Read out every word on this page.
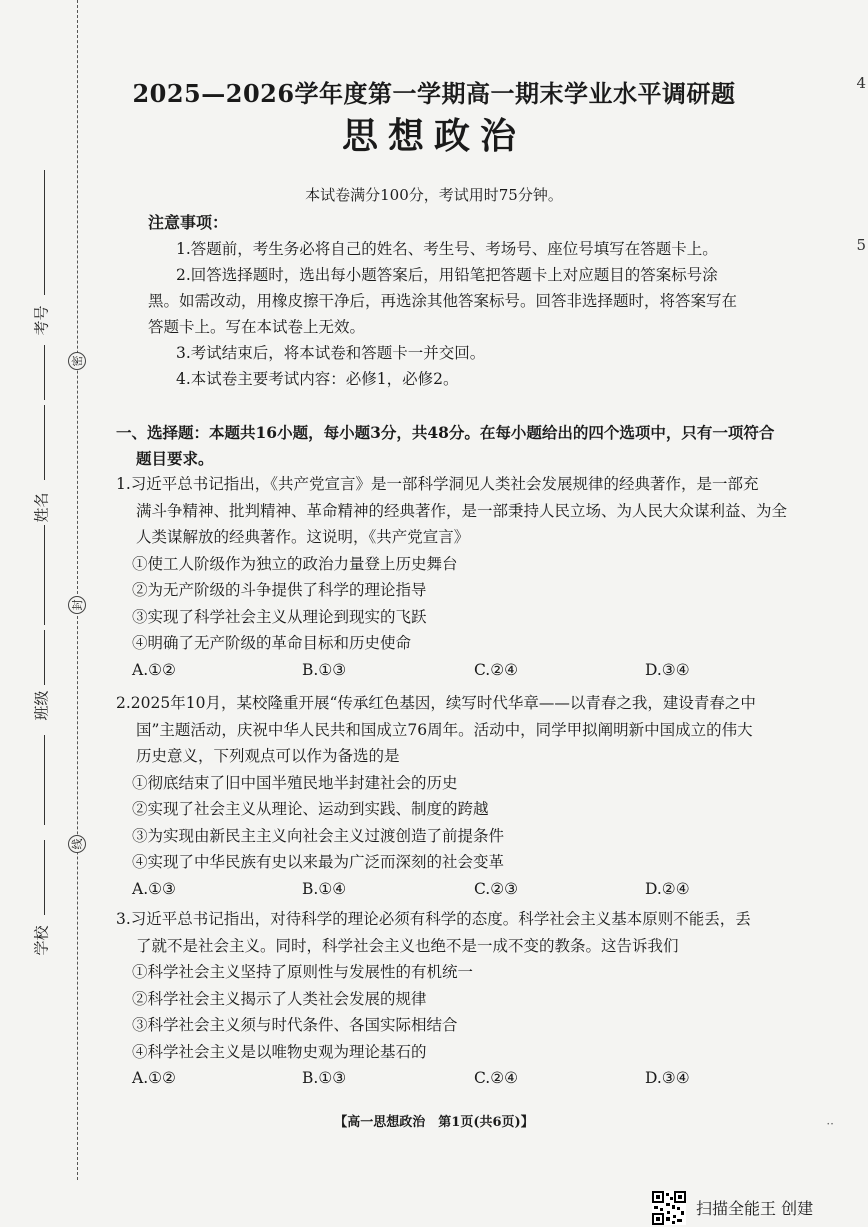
考号
姓名
班级
学校
密
封
线
4
5
2025—2026学年度第一学期高一期末学业水平调研题
思想政治
本试卷满分100分，考试用时75分钟。
注意事项：
1.答题前，考生务必将自己的姓名、考生号、考场号、座位号填写在答题卡上。
2.回答选择题时，选出每小题答案后，用铅笔把答题卡上对应题目的答案标号涂
黑。如需改动，用橡皮擦干净后，再选涂其他答案标号。回答非选择题时，将答案写在
答题卡上。写在本试卷上无效。
3.考试结束后，将本试卷和答题卡一并交回。
4.本试卷主要考试内容：必修1，必修2。
一、选择题：本题共16小题，每小题3分，共48分。在每小题给出的四个选项中，只有一项符合
题目要求。
1.习近平总书记指出，《共产党宣言》是一部科学洞见人类社会发展规律的经典著作，是一部充
满斗争精神、批判精神、革命精神的经典著作，是一部秉持人民立场、为人民大众谋利益、为全
人类谋解放的经典著作。这说明，《共产党宣言》
①使工人阶级作为独立的政治力量登上历史舞台
②为无产阶级的斗争提供了科学的理论指导
③实现了科学社会主义从理论到现实的飞跃
④明确了无产阶级的革命目标和历史使命
A.①②	B.①③	C.②④	D.③④
2.2025年10月，某校隆重开展“传承红色基因，续写时代华章——以青春之我，建设青春之中
国”主题活动，庆祝中华人民共和国成立76周年。活动中，同学甲拟阐明新中国成立的伟大
历史意义，下列观点可以作为备选的是
①彻底结束了旧中国半殖民地半封建社会的历史
②实现了社会主义从理论、运动到实践、制度的跨越
③为实现由新民主主义向社会主义过渡创造了前提条件
④实现了中华民族有史以来最为广泛而深刻的社会变革
A.①③	B.①④	C.②③	D.②④
3.习近平总书记指出，对待科学的理论必须有科学的态度。科学社会主义基本原则不能丢，丢
了就不是社会主义。同时，科学社会主义也绝不是一成不变的教条。这告诉我们
①科学社会主义坚持了原则性与发展性的有机统一
②科学社会主义揭示了人类社会发展的规律
③科学社会主义须与时代条件、各国实际相结合
④科学社会主义是以唯物史观为理论基石的
A.①②	B.①③	C.②④	D.③④
【高一思想政治　第1页(共6页)】	··
扫描全能王 创建
